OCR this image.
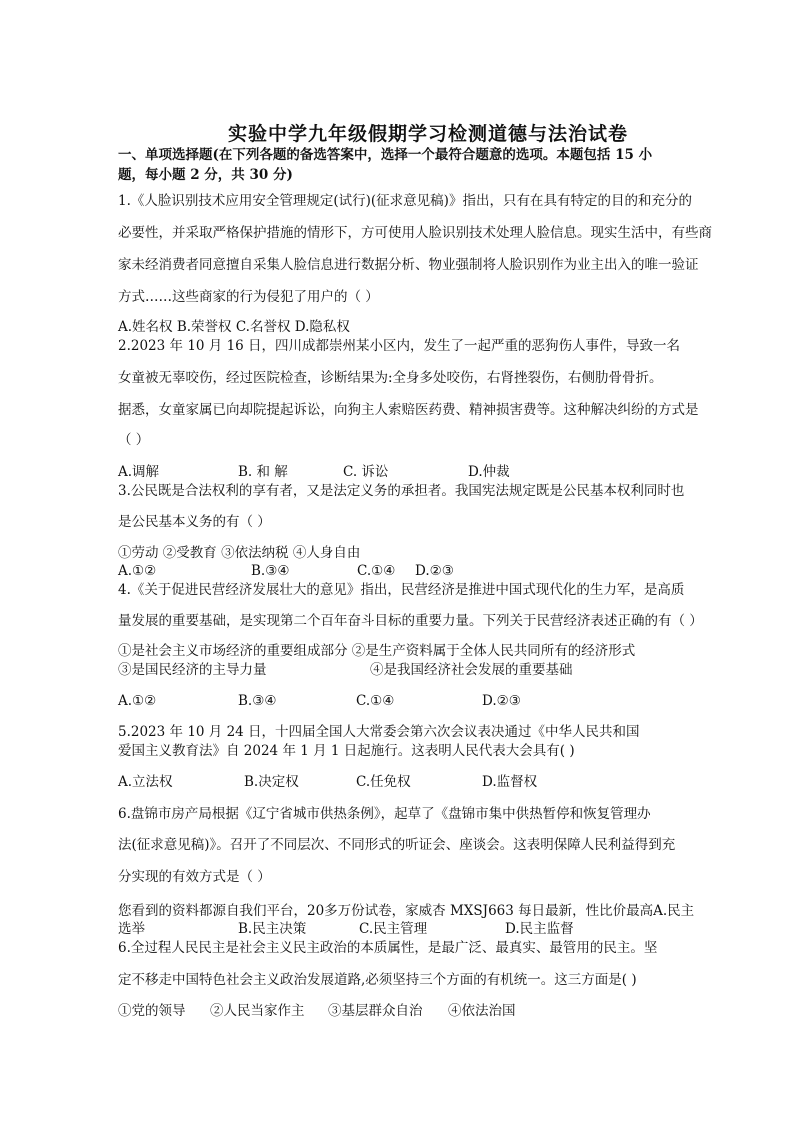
实验中学九年级假期学习检测道德与法治试卷
一、单项选择题(在下列各题的备选答案中，选择一个最符合题意的选项。本题包括 15 小
题，每小题 2 分，共 30 分)
1.《人脸识别技术应用安全管理规定(试行)(征求意见稿)》指出，只有在具有特定的目的和充分的
必要性，并采取严格保护措施的情形下，方可使用人脸识别技术处理人脸信息。现实生活中，有些商
家未经消费者同意擅自采集人脸信息进行数据分析、物业强制将人脸识别作为业主出入的唯一验证
方式……这些商家的行为侵犯了用户的（ ）
A.姓名权 B.荣誉权 C.名誉权 D.隐私权
2.2023 年 10 月 16 日，四川成都崇州某小区内，发生了一起严重的恶狗伤人事件，导致一名
女童被无辜咬伤，经过医院检查，诊断结果为:全身多处咬伤，右肾挫裂伤，右侧肋骨骨折。
据悉，女童家属已向却院提起诉讼，向狗主人索赔医药费、精神损害费等。这种解决纠纷的方式是
（ ）
A.调解	B. 和 解	C. 诉讼	D.仲裁
3.公民既是合法权利的享有者，又是法定义务的承担者。我国宪法规定既是公民基本权利同时也
是公民基本义务的有（ ）
①劳动 ②受教育 ③依法纳税 ④人身自由
A.①②	B.③④	C.①④ D.②③
4.《关于促进民营经济发展壮大的意见》指出，民营经济是推进中国式现代化的生力军，是高质
量发展的重要基础，是实现第二个百年奋斗目标的重要力量。下列关于民营经济表述正确的有（ ）
①是社会主义市场经济的重要组成部分 ②是生产资料属于全体人民共同所有的经济形式
③是国民经济的主导力量	④是我国经济社会发展的重要基础
A.①②	B.③④	C.①④	D.②③
5.2023 年 10 月 24 日，十四届全国人大常委会第六次会议表决通过《中华人民共和国
爱国主义教育法》自 2024 年 1 月 1 日起施行。这表明人民代表大会具有( )
A.立法权	B.决定权	C.任免权	D.监督权
6.盘锦市房产局根据《辽宁省城市供热条例》，起草了《盘锦市集中供热暂停和恢复管理办
法(征求意见稿)》。召开了不同层次、不同形式的听证会、座谈会。这表明保障人民利益得到充
分实现的有效方式是（ ）
您看到的资料都源自我们平台，20多万份试卷，家威杏 MXSJ663 每日最新，性比价最高A.民主
选举	B.民主决策	C.民主管理	D.民主监督
6.全过程人民民主是社会主义民主政治的本质属性，是最广泛、最真实、最管用的民主。坚
定不移走中国特色社会主义政治发展道路,必须坚持三个方面的有机统一。这三方面是( )
①党的领导 ②人民当家作主 ③基层群众自治 ④依法治国
